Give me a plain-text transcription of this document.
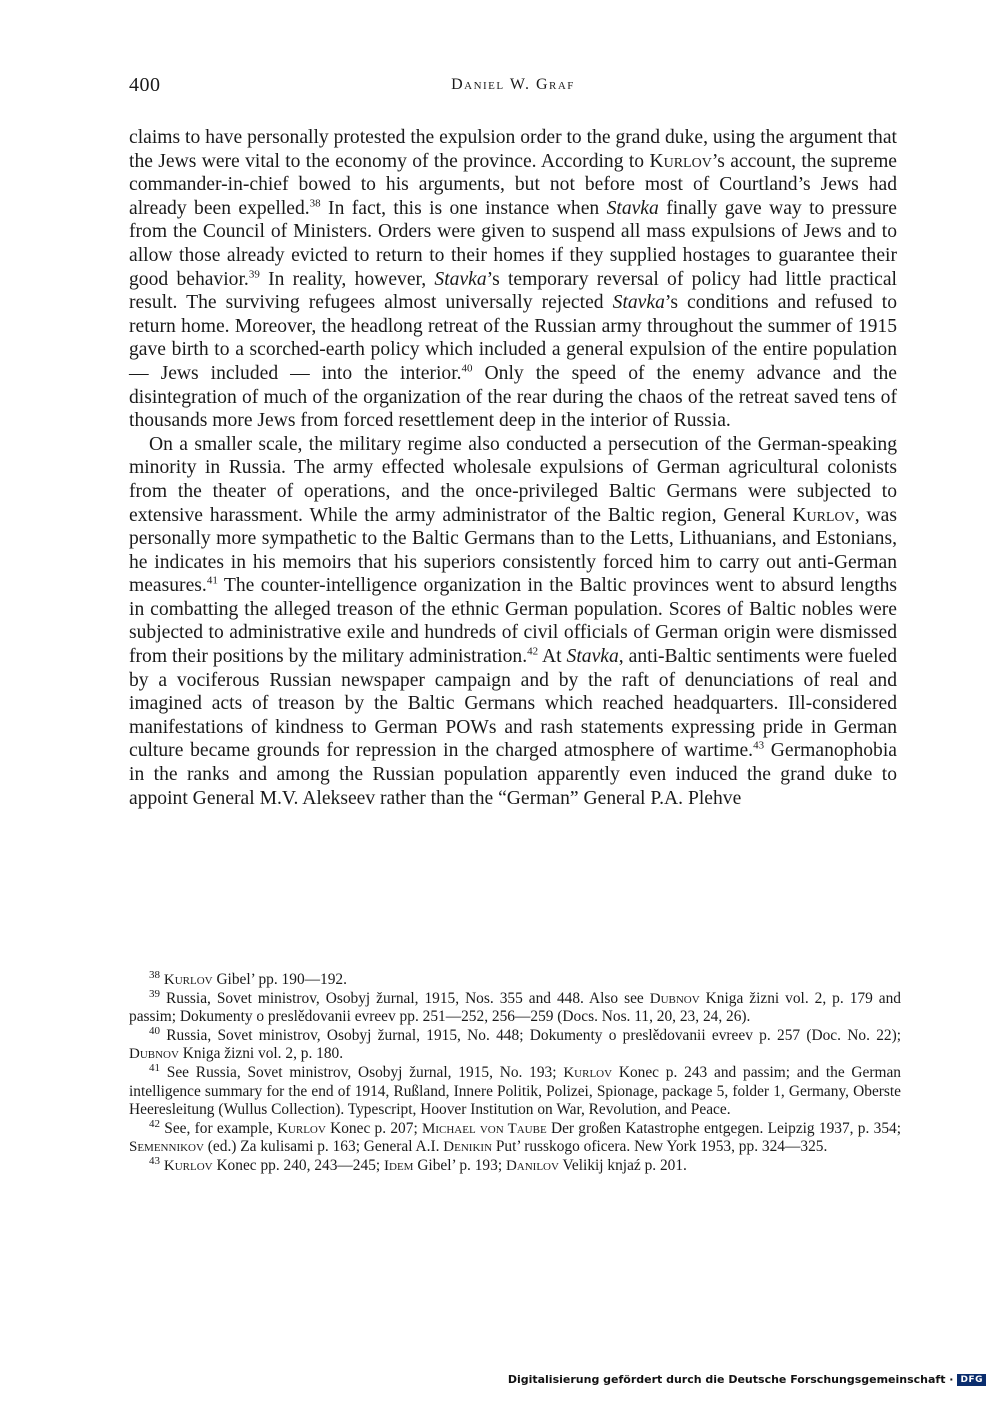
400	Daniel W. Graf

claims to have personally protested the expulsion order to the grand duke, using the argument that the Jews were vital to the economy of the province. According to Kurlov’s account, the supreme commander-in-chief bowed to his arguments, but not before most of Courtland’s Jews had already been expelled.$^{38}$ In fact, this is one instance when Stavka finally gave way to pressure from the Council of Ministers. Orders were given to suspend all mass expulsions of Jews and to allow those already evicted to return to their homes if they supplied hostages to guarantee their good behavior.$^{39}$ In reality, however, Stavka’s temporary reversal of policy had little practical result. The surviving refugees almost universally rejected Stavka’s conditions and refused to return home. Moreover, the headlong retreat of the Russian army throughout the summer of 1915 gave birth to a scorched-earth policy which included a general expulsion of the entire population — Jews included — into the interior.$^{40}$ Only the speed of the enemy advance and the disintegration of much of the organization of the rear during the chaos of the retreat saved tens of thousands more Jews from forced resettlement deep in the interior of Russia.

On a smaller scale, the military regime also conducted a persecution of the German-speaking minority in Russia. The army effected wholesale expulsions of German agricultural colonists from the theater of operations, and the once-privileged Baltic Germans were subjected to extensive harassment. While the army administrator of the Baltic region, General Kurlov, was personally more sympathetic to the Baltic Germans than to the Letts, Lithuanians, and Estonians, he indicates in his memoirs that his superiors consistently forced him to carry out anti-German measures.$^{41}$ The counter-intelligence organization in the Baltic provinces went to absurd lengths in combatting the alleged treason of the ethnic German population. Scores of Baltic nobles were subjected to administrative exile and hundreds of civil officials of German origin were dismissed from their positions by the military administration.$^{42}$ At Stavka, anti-Baltic sentiments were fueled by a vociferous Russian newspaper campaign and by the raft of denunciations of real and imagined acts of treason by the Baltic Germans which reached headquarters. Ill-considered manifestations of kindness to German POWs and rash statements expressing pride in German culture became grounds for repression in the charged atmosphere of wartime.$^{43}$ Germanophobia in the ranks and among the Russian population apparently even induced the grand duke to appoint General M.V. Alekseev rather than the “German” General P.A. Plehve

$^{38}$ Kurlov Gibel’ pp. 190—192.

$^{39}$ Russia, Sovet ministrov, Osobyj žurnal, 1915, Nos. 355 and 448. Also see Dubnov Kniga žizni vol. 2, p. 179 and passim; Dokumenty o preslědovanii evreev pp. 251—252, 256—259 (Docs. Nos. 11, 20, 23, 24, 26).

$^{40}$ Russia, Sovet ministrov, Osobyj žurnal, 1915, No. 448; Dokumenty o preslědovanii evreev p. 257 (Doc. No. 22); Dubnov Kniga žizni vol. 2, p. 180.

$^{41}$ See Russia, Sovet ministrov, Osobyj žurnal, 1915, No. 193; Kurlov Konec p. 243 and passim; and the German intelligence summary for the end of 1914, Rußland, Innere Politik, Polizei, Spionage, package 5, folder 1, Germany, Oberste Heeresleitung (Wullus Collection). Typescript, Hoover Institution on War, Revolution, and Peace.

$^{42}$ See, for example, Kurlov Konec p. 207; Michael von Taube Der großen Katastrophe entgegen. Leipzig 1937, p. 354; Semennikov (ed.) Za kulisami p. 163; General A.I. Denikin Put’ russkogo oficera. New York 1953, pp. 324—325.

$^{43}$ Kurlov Konec pp. 240, 243—245; Idem Gibel’ p. 193; Danilov Velikij knjaź p. 201.

Digitalisierung gefördert durch die Deutsche Forschungsgemeinschaft · DFG
